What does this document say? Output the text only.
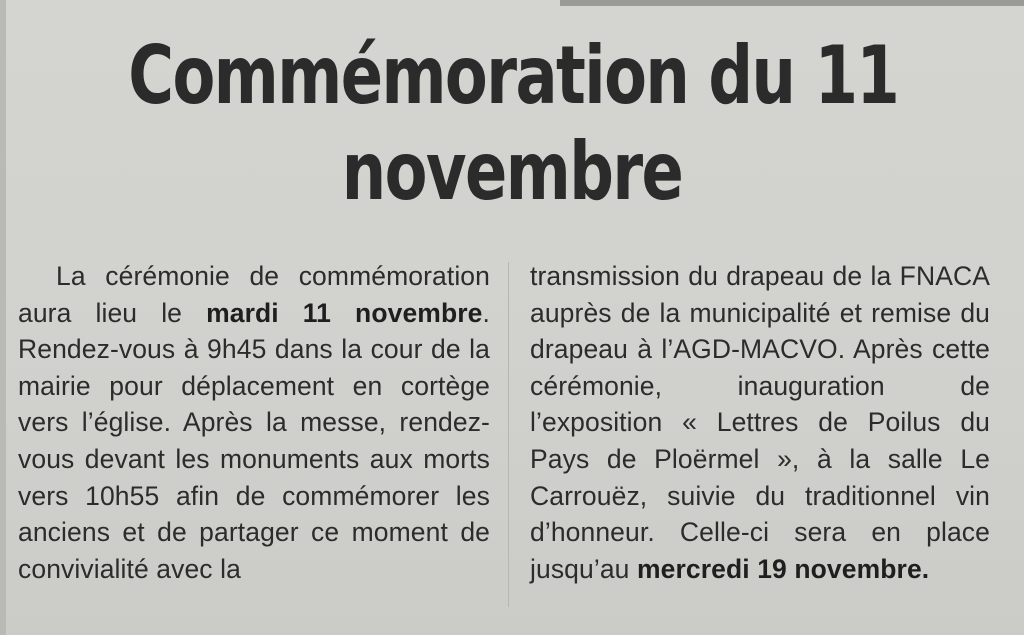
Commémoration du 11
novembre
La cérémonie de commémoration aura lieu le mardi 11 novembre. Rendez-vous à 9h45 dans la cour de la mairie pour déplacement en cortège vers l’église. Après la messe, rendez-vous devant les monuments aux morts vers 10h55 afin de commémorer les anciens et de partager ce moment de convivialité avec la
transmission du drapeau de la FNACA auprès de la municipalité et remise du drapeau à l’AGD-MACVO. Après cette cérémonie, inauguration de l’exposition « Lettres de Poilus du Pays de Ploërmel », à la salle Le Carrouëz, suivie du traditionnel vin d’honneur. Celle-ci sera en place jusqu’au mercredi 19 novembre.
